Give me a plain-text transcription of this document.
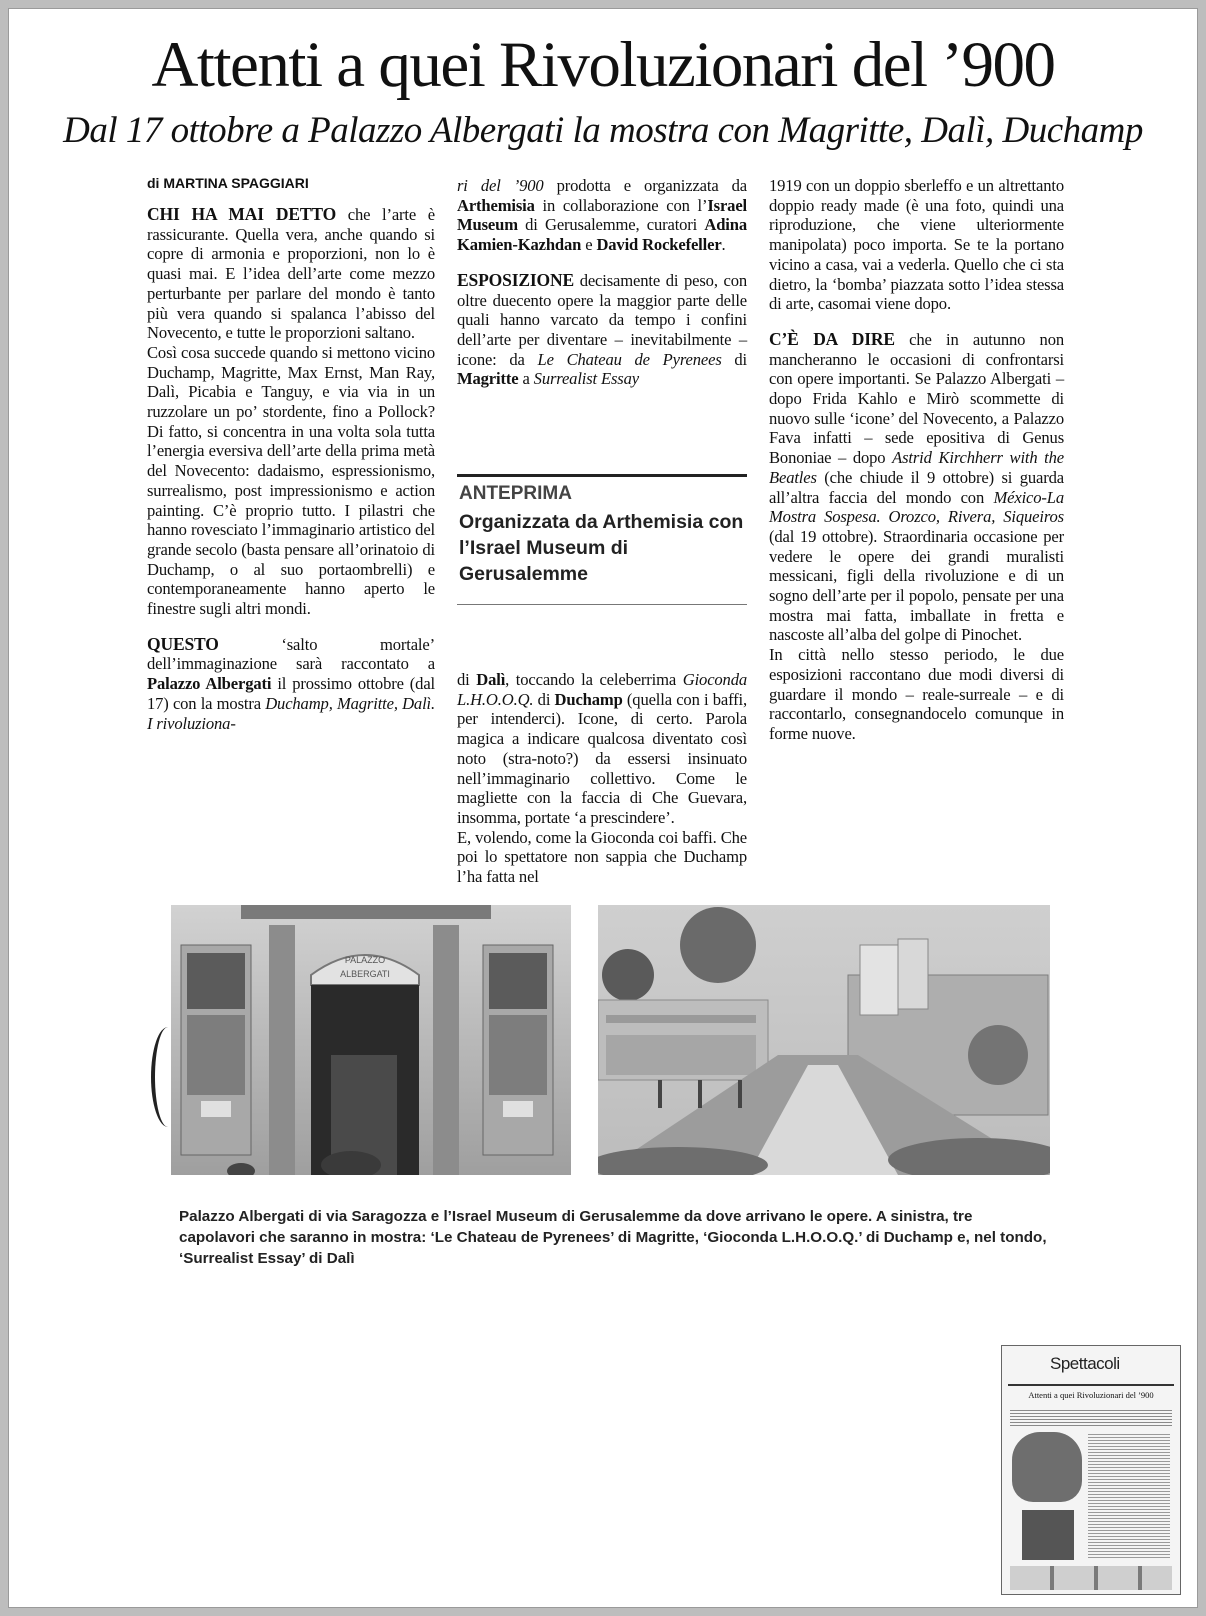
Attenti a quei Rivoluzionari del ’900
Dal 17 ottobre a Palazzo Albergati la mostra con Magritte, Dalì, Duchamp
di MARTINA SPAGGIARI

CHI HA MAI DETTO che l’arte è rassicurante. Quella vera, anche quando si copre di armonia e proporzioni, non lo è quasi mai. E l’idea dell’arte come mezzo perturbante per parlare del mondo è tanto più vera quando si spalanca l’abisso del Novecento, e tutte le proporzioni saltano.

Così cosa succede quando si mettono vicino Duchamp, Magritte, Max Ernst, Man Ray, Dalì, Picabia e Tanguy, e via via in un ruzzolare un po’ stordente, fino a Pollock? Di fatto, si concentra in una volta sola tutta l’energia eversiva dell’arte della prima metà del Novecento: dadaismo, espressionismo, surrealismo, post impressionismo e action painting. C’è proprio tutto. I pilastri che hanno rovesciato l’immaginario artistico del grande secolo (basta pensare all’orinatoio di Duchamp, o al suo portaombrelli) e contemporaneamente hanno aperto le finestre sugli altri mondi.

QUESTO ‘salto mortale’ dell’immaginazione sarà raccontato a Palazzo Albergati il prossimo ottobre (dal 17) con la mostra Duchamp, Magritte, Dalì. I rivoluziona-

ri del ’900 prodotta e organizzata da Arthemisia in collaborazione con l’Israel Museum di Gerusalemme, curatori Adina Kamien-Kazhdan e David Rockefeller.

ESPOSIZIONE decisamente di peso, con oltre duecento opere la maggior parte delle quali hanno varcato da tempo i confini dell’arte per diventare – inevitabilmente – icone: da Le Chateau de Pyrenees di Magritte a Surrealist Essay

ANTEPRIMA
Organizzata da Arthemisia con l’Israel Museum di Gerusalemme

di Dalì, toccando la celeberrima Gioconda L.H.O.O.Q. di Duchamp (quella con i baffi, per intenderci). Icone, di certo. Parola magica a indicare qualcosa diventato così noto (stra-noto?) da essersi insinuato nell’immaginario collettivo. Come le magliette con la faccia di Che Guevara, insomma, portate ‘a prescindere’.

E, volendo, come la Gioconda coi baffi. Che poi lo spettatore non sappia che Duchamp l’ha fatta nel

1919 con un doppio sberleffo e un altrettanto doppio ready made (è una foto, quindi una riproduzione, che viene ulteriormente manipolata) poco importa. Se te la portano vicino a casa, vai a vederla. Quello che ci sta dietro, la ‘bomba’ piazzata sotto l’idea stessa di arte, casomai viene dopo.

C’È DA DIRE che in autunno non mancheranno le occasioni di confrontarsi con opere importanti. Se Palazzo Albergati – dopo Frida Kahlo e Mirò scommette di nuovo sulle ‘icone’ del Novecento, a Palazzo Fava infatti – sede epositiva di Genus Bononiae – dopo Astrid Kirchherr with the Beatles (che chiude il 9 ottobre) si guarda all’altra faccia del mondo con México-La Mostra Sospesa. Orozco, Rivera, Siqueiros (dal 19 ottobre). Straordinaria occasione per vedere le opere dei grandi muralisti messicani, figli della rivoluzione e di un sogno dell’arte per il popolo, pensate per una mostra mai fatta, imballate in fretta e nascoste all’alba del golpe di Pinochet.

In città nello stesso periodo, le due esposizioni raccontano due modi diversi di guardare il mondo – reale-surreale – e di raccontarlo, consegnandocelo comunque in forme nuove.

PALAZZO
ALBERGATI
Palazzo Albergati di via Saragozza e l’Israel Museum di Gerusalemme da dove arrivano le opere. A sinistra, tre capolavori che saranno in mostra: ‘Le Chateau de Pyrenees’ di Magritte, ‘Gioconda L.H.O.O.Q.’ di Duchamp e, nel tondo, ‘Surrealist Essay’ di Dalì
Spettacoli
Attenti a quei Rivoluzionari del ’900
